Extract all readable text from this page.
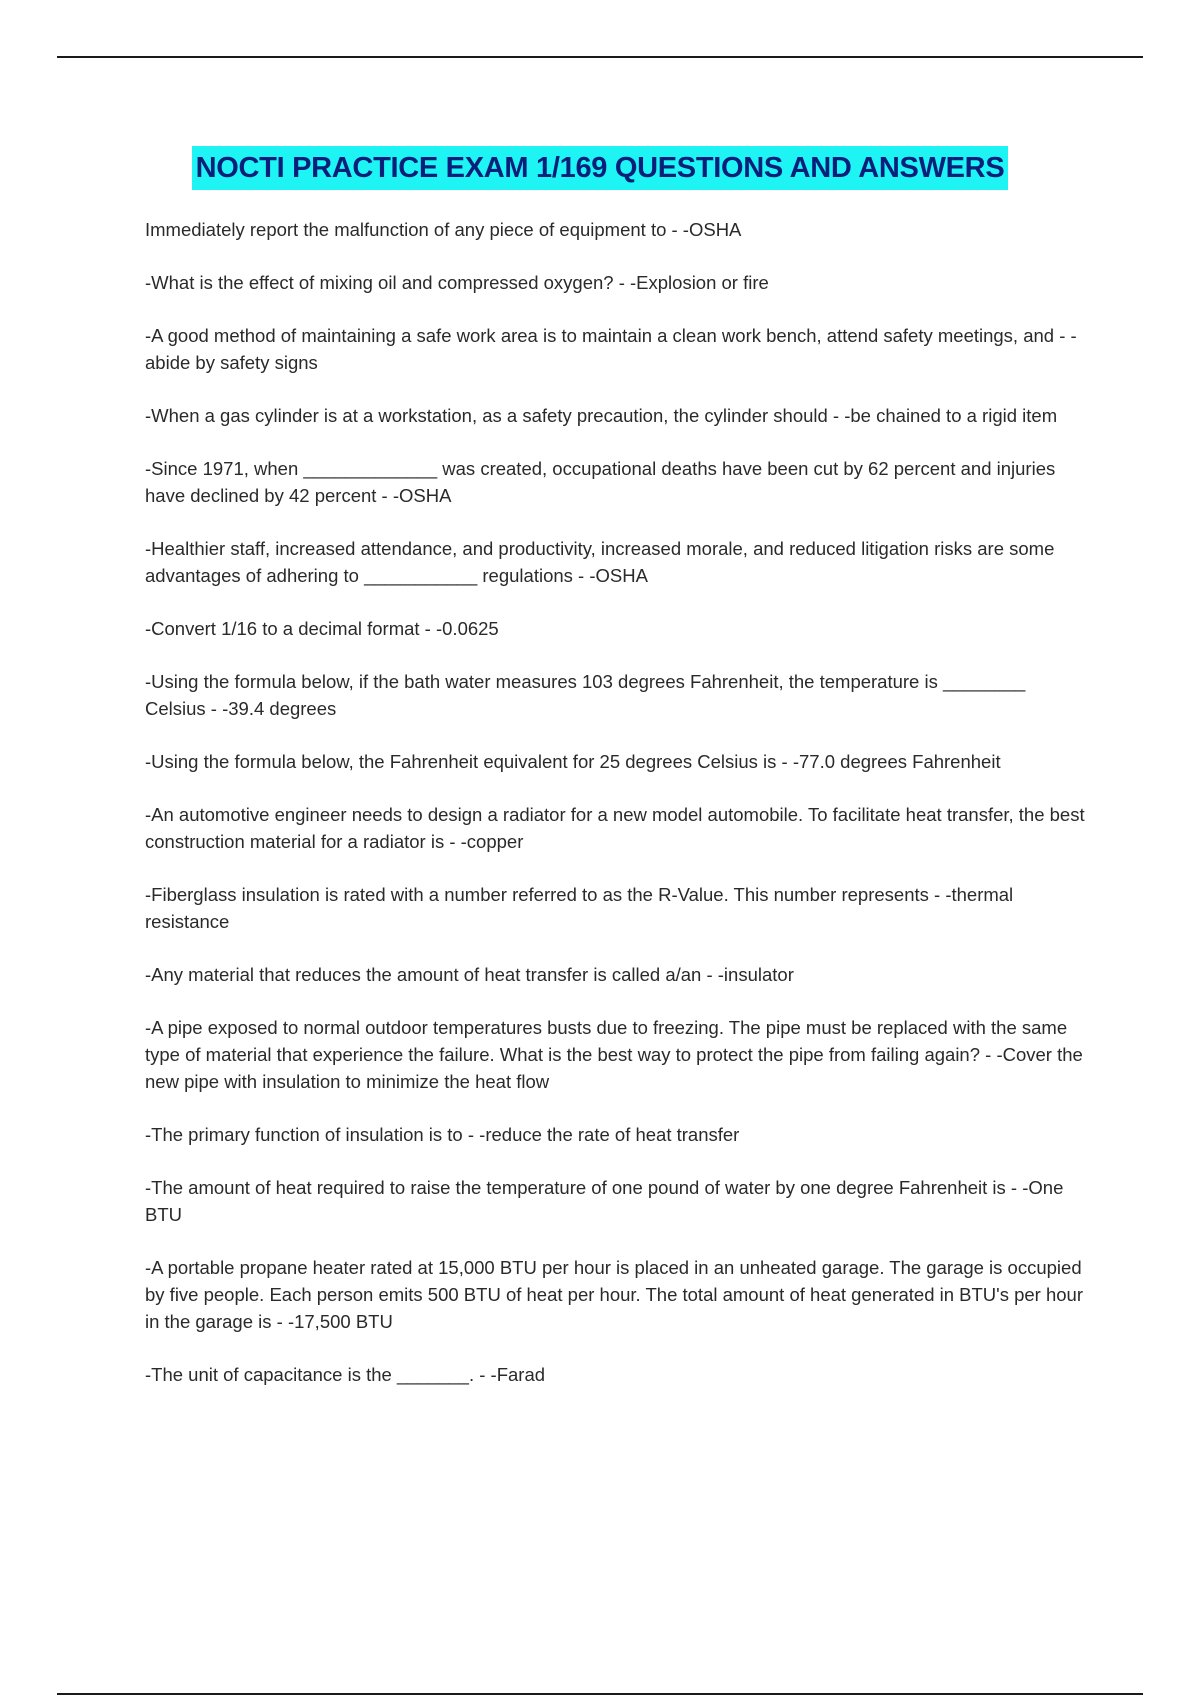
NOCTI PRACTICE EXAM 1/169 QUESTIONS AND ANSWERS

Immediately report the malfunction of any piece of equipment to - -OSHA

-What is the effect of mixing oil and compressed oxygen? - -Explosion or fire

-A good method of maintaining a safe work area is to maintain a clean work bench, attend safety meetings, and - -abide by safety signs

-When a gas cylinder is at a workstation, as a safety precaution, the cylinder should - -be chained to a rigid item

-Since 1971, when _____________ was created, occupational deaths have been cut by 62 percent and injuries have declined by 42 percent - -OSHA

-Healthier staff, increased attendance, and productivity, increased morale, and reduced litigation risks are some advantages of adhering to ___________ regulations - -OSHA

-Convert 1/16 to a decimal format - -0.0625

-Using the formula below, if the bath water measures 103 degrees Fahrenheit, the temperature is ________ Celsius - -39.4 degrees

-Using the formula below, the Fahrenheit equivalent for 25 degrees Celsius is - -77.0 degrees Fahrenheit

-An automotive engineer needs to design a radiator for a new model automobile. To facilitate heat transfer, the best construction material for a radiator is - -copper

-Fiberglass insulation is rated with a number referred to as the R-Value. This number represents - -thermal resistance

-Any material that reduces the amount of heat transfer is called a/an - -insulator

-A pipe exposed to normal outdoor temperatures busts due to freezing. The pipe must be replaced with the same type of material that experience the failure. What is the best way to protect the pipe from failing again? - -Cover the new pipe with insulation to minimize the heat flow

-The primary function of insulation is to - -reduce the rate of heat transfer

-The amount of heat required to raise the temperature of one pound of water by one degree Fahrenheit is - -One BTU

-A portable propane heater rated at 15,000 BTU per hour is placed in an unheated garage. The garage is occupied by five people. Each person emits 500 BTU of heat per hour. The total amount of heat generated in BTU's per hour in the garage is - -17,500 BTU

-The unit of capacitance is the _______. - -Farad
